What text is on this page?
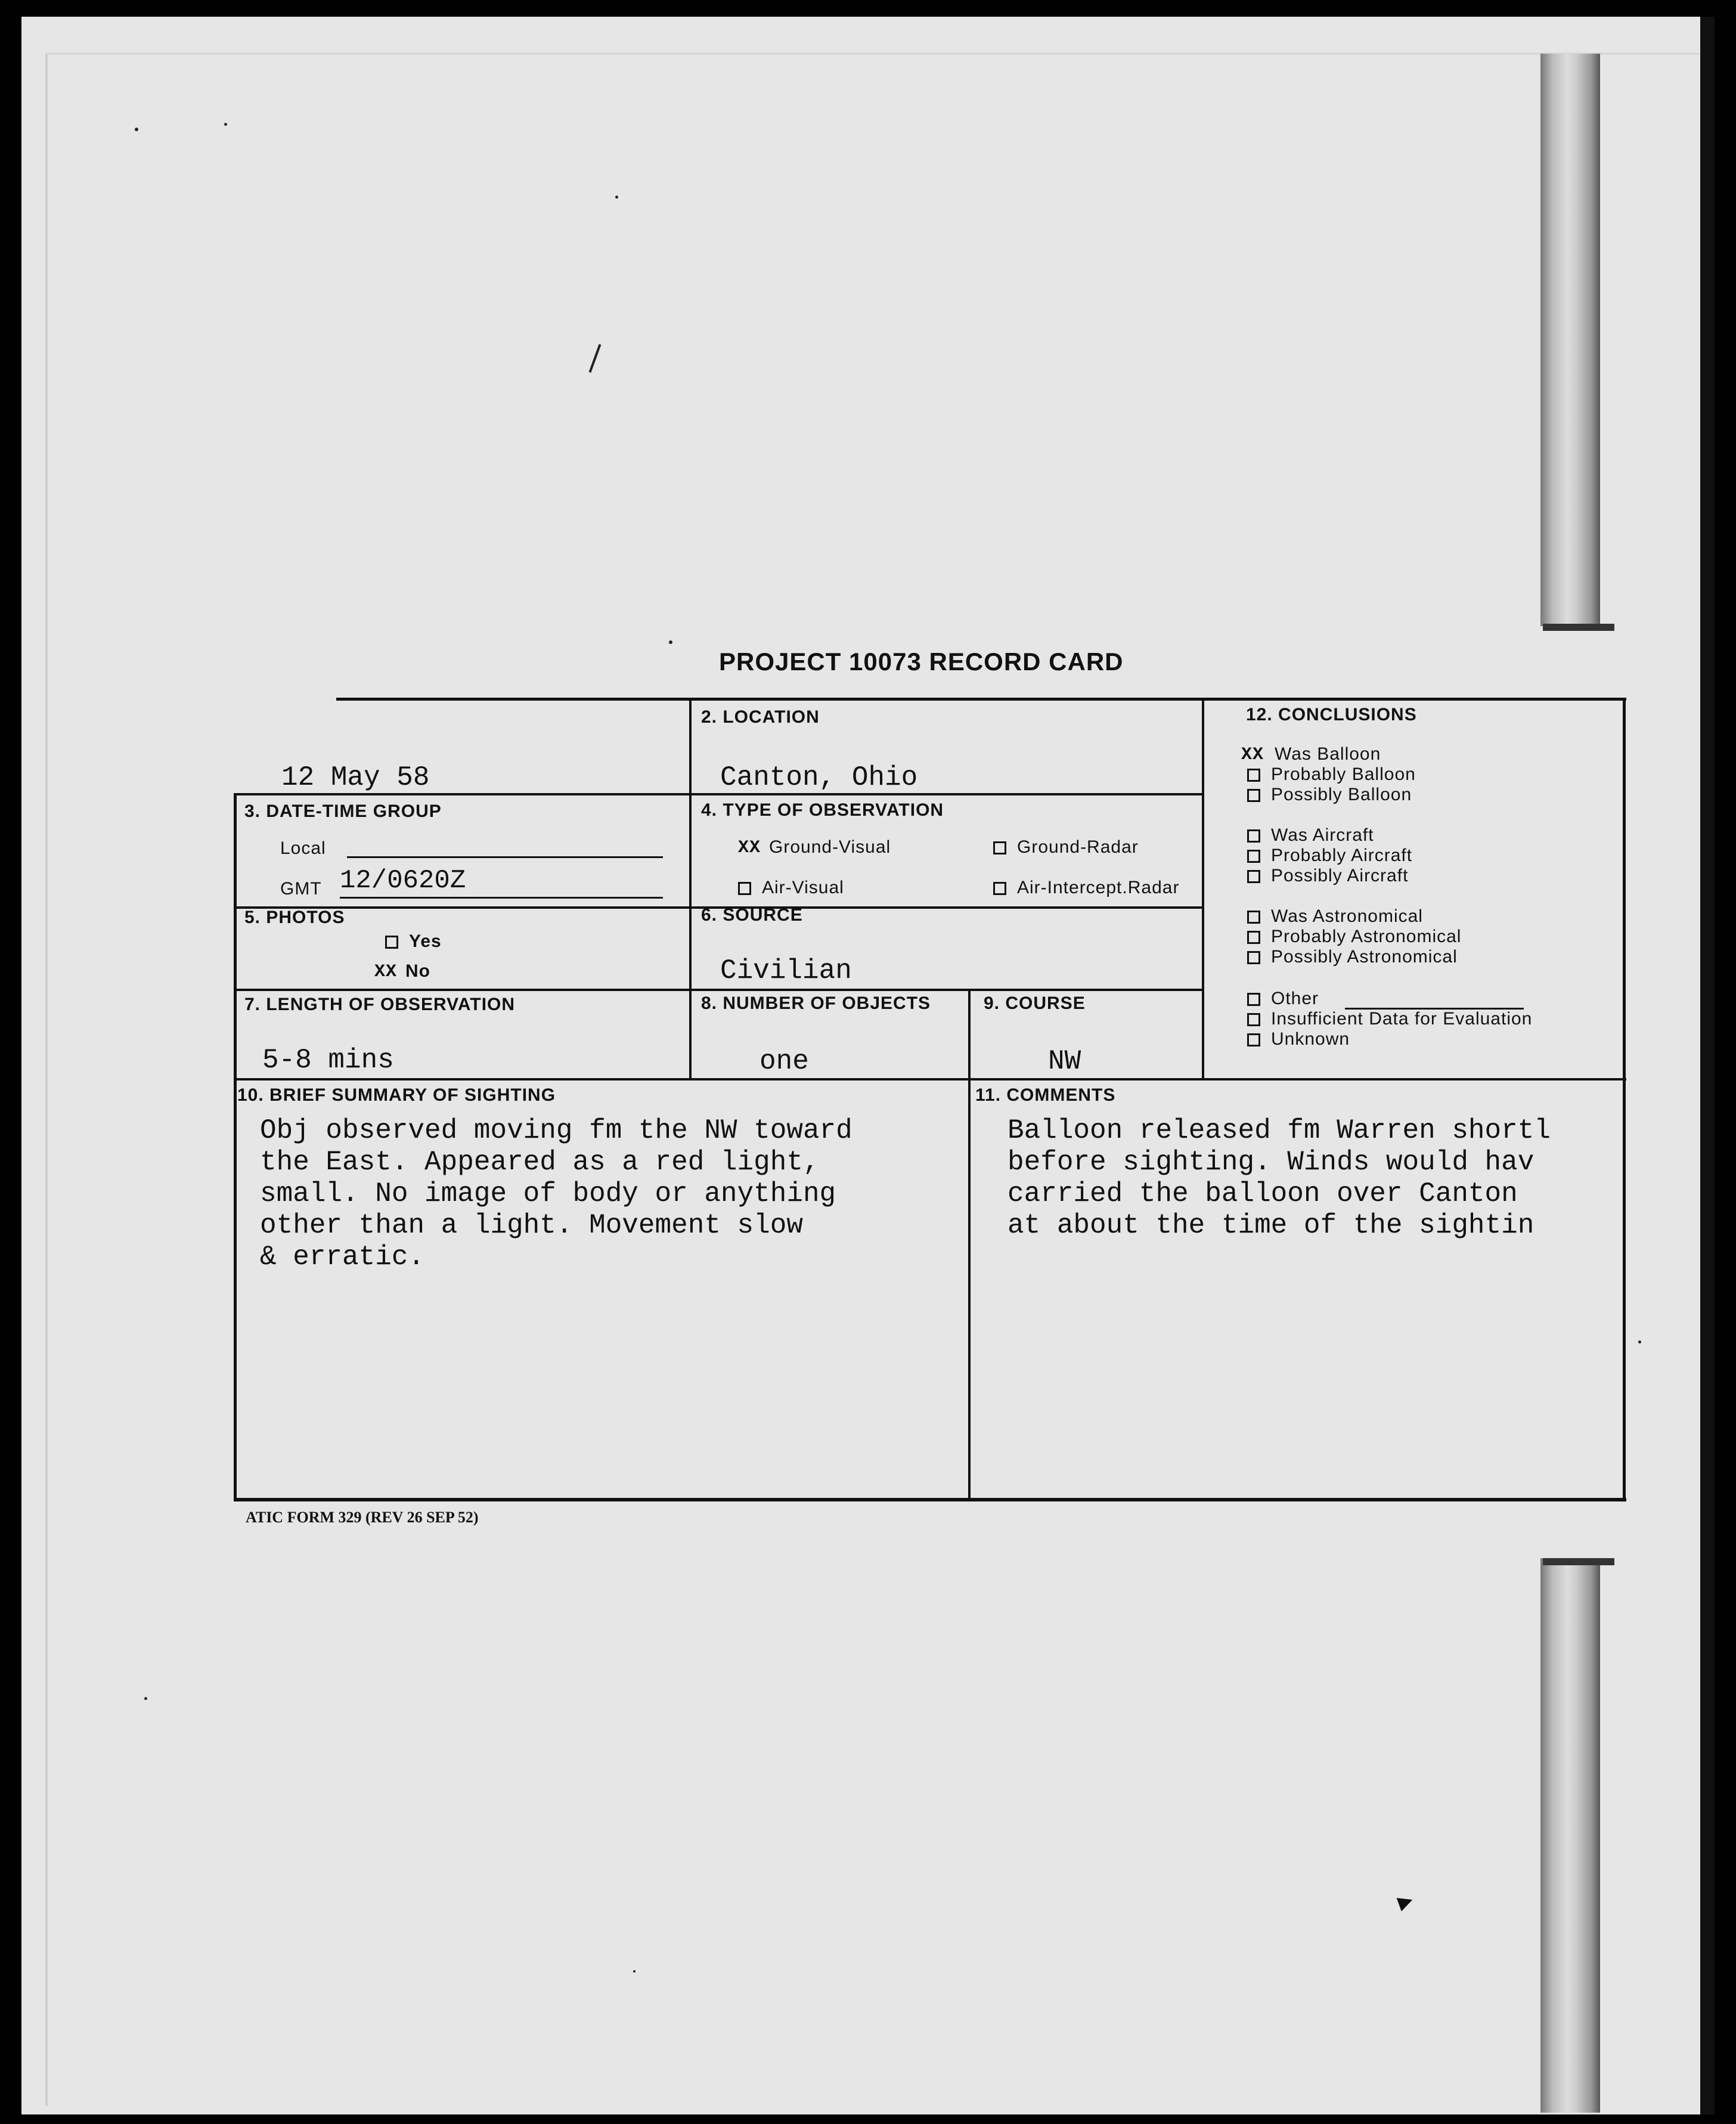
PROJECT 10073 RECORD CARD
12 May 58
2. LOCATION
Canton, Ohio
3. DATE-TIME GROUP
Local
GMT 12/0620Z
4. TYPE OF OBSERVATION
XX Ground-Visual	Ground-Radar
Air-Visual	Air-Intercept.Radar
5. PHOTOS
Yes
XX No
6. SOURCE
Civilian
7. LENGTH OF OBSERVATION
5-8 mins
8. NUMBER OF OBJECTS
one
9. COURSE
NW
10. BRIEF SUMMARY OF SIGHTING
Obj observed moving fm the NW toward
the East. Appeared as a red light,
small. No image of body or anything
other than a light. Movement slow
& erratic.
11. COMMENTS
Balloon released fm Warren shortl
before sighting. Winds would hav
carried the balloon over Canton
at about the time of the sightin
12. CONCLUSIONS
XX Was Balloon
Probably Balloon
Possibly Balloon
Was Aircraft
Probably Aircraft
Possibly Aircraft
Was Astronomical
Probably Astronomical
Possibly Astronomical
Other
Insufficient Data for Evaluation
Unknown
ATIC FORM 329 (REV 26 SEP 52)
